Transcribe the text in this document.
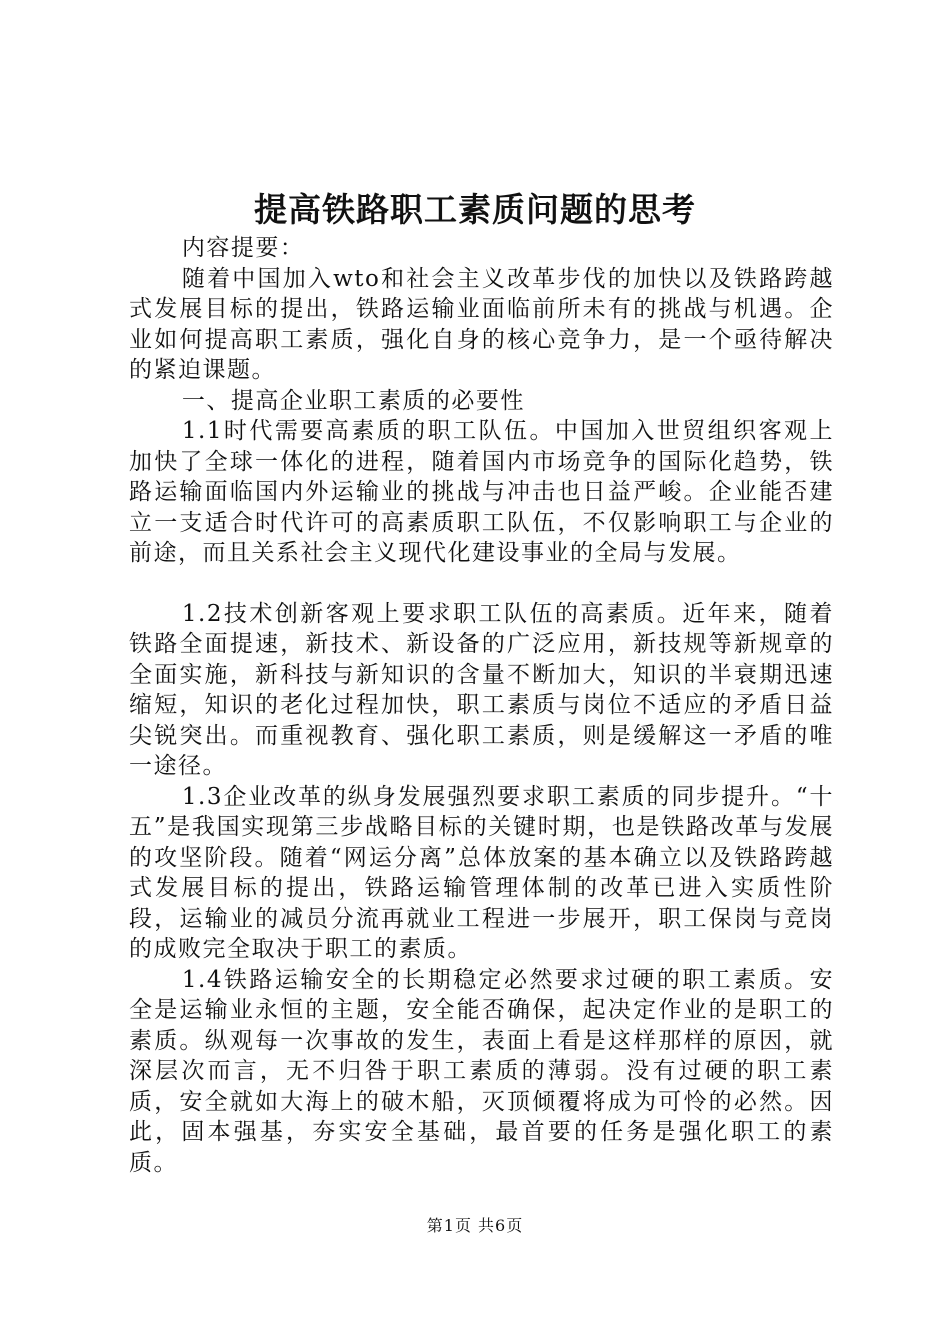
提高铁路职工素质问题的思考

内容提要：

随着中国加入wto和社会主义改革步伐的加快以及铁路跨越式发展目标的提出，铁路运输业面临前所未有的挑战与机遇。企业如何提高职工素质，强化自身的核心竞争力，是一个亟待解决的紧迫课题。

一、提高企业职工素质的必要性

1.1时代需要高素质的职工队伍。中国加入世贸组织客观上加快了全球一体化的进程，随着国内市场竞争的国际化趋势，铁路运输面临国内外运输业的挑战与冲击也日益严峻。企业能否建立一支适合时代许可的高素质职工队伍，不仅影响职工与企业的前途，而且关系社会主义现代化建设事业的全局与发展。

1.2技术创新客观上要求职工队伍的高素质。近年来，随着铁路全面提速，新技术、新设备的广泛应用，新技规等新规章的全面实施，新科技与新知识的含量不断加大，知识的半衰期迅速缩短，知识的老化过程加快，职工素质与岗位不适应的矛盾日益尖锐突出。而重视教育、强化职工素质，则是缓解这一矛盾的唯一途径。

1.3企业改革的纵身发展强烈要求职工素质的同步提升。“十五”是我国实现第三步战略目标的关键时期，也是铁路改革与发展的攻坚阶段。随着“网运分离”总体放案的基本确立以及铁路跨越式发展目标的提出，铁路运输管理体制的改革已进入实质性阶段，运输业的减员分流再就业工程进一步展开，职工保岗与竞岗的成败完全取决于职工的素质。

1.4铁路运输安全的长期稳定必然要求过硬的职工素质。安全是运输业永恒的主题，安全能否确保，起决定作业的是职工的素质。纵观每一次事故的发生，表面上看是这样那样的原因，就深层次而言，无不归咎于职工素质的薄弱。没有过硬的职工素质，安全就如大海上的破木船，灭顶倾覆将成为可怜的必然。因此，固本强基，夯实安全基础，最首要的任务是强化职工的素质。

第1页 共6页
